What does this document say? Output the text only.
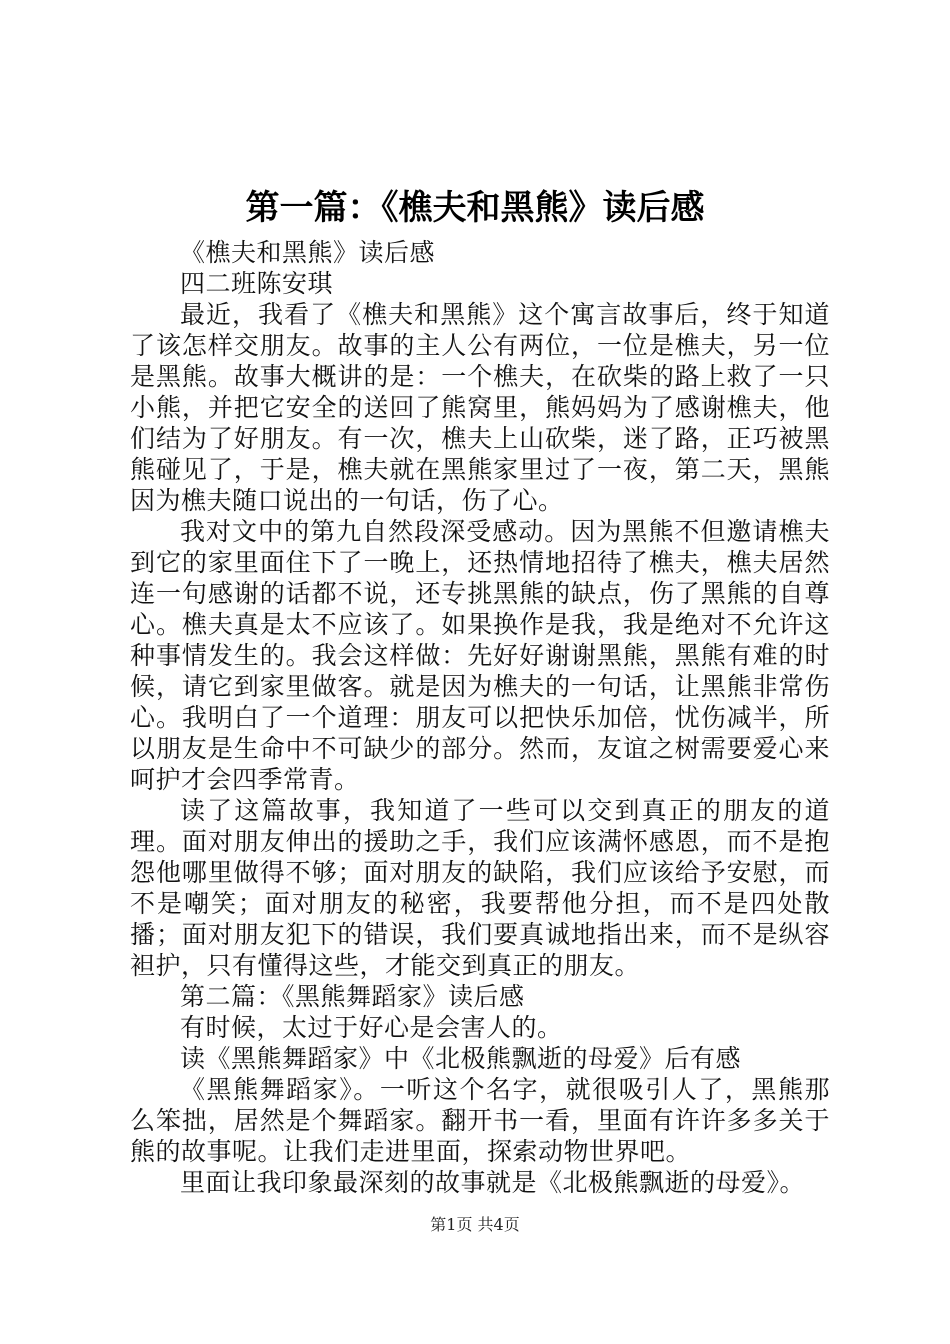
第一篇：《樵夫和黑熊》读后感

《樵夫和黑熊》读后感

四二班陈安琪

最近，我看了《樵夫和黑熊》这个寓言故事后，终于知道了该怎样交朋友。故事的主人公有两位，一位是樵夫，另一位是黑熊。故事大概讲的是：一个樵夫，在砍柴的路上救了一只小熊，并把它安全的送回了熊窝里，熊妈妈为了感谢樵夫，他们结为了好朋友。有一次，樵夫上山砍柴，迷了路，正巧被黑熊碰见了，于是，樵夫就在黑熊家里过了一夜，第二天，黑熊因为樵夫随口说出的一句话，伤了心。

我对文中的第九自然段深受感动。因为黑熊不但邀请樵夫到它的家里面住下了一晚上，还热情地招待了樵夫，樵夫居然连一句感谢的话都不说，还专挑黑熊的缺点，伤了黑熊的自尊心。樵夫真是太不应该了。如果换作是我，我是绝对不允许这种事情发生的。我会这样做：先好好谢谢黑熊，黑熊有难的时候，请它到家里做客。就是因为樵夫的一句话，让黑熊非常伤心。我明白了一个道理：朋友可以把快乐加倍，忧伤减半，所以朋友是生命中不可缺少的部分。然而，友谊之树需要爱心来呵护才会四季常青。

读了这篇故事，我知道了一些可以交到真正的朋友的道理。面对朋友伸出的援助之手，我们应该满怀感恩，而不是抱怨他哪里做得不够；面对朋友的缺陷，我们应该给予安慰，而不是嘲笑；面对朋友的秘密，我要帮他分担，而不是四处散播；面对朋友犯下的错误，我们要真诚地指出来，而不是纵容袒护，只有懂得这些，才能交到真正的朋友。

第二篇：《黑熊舞蹈家》读后感

有时候，太过于好心是会害人的。

读《黑熊舞蹈家》中《北极熊飘逝的母爱》后有感

《黑熊舞蹈家》。一听这个名字，就很吸引人了，黑熊那么笨拙，居然是个舞蹈家。翻开书一看，里面有许许多多关于熊的故事呢。让我们走进里面，探索动物世界吧。

里面让我印象最深刻的故事就是《北极熊飘逝的母爱》。

第1页 共4页
